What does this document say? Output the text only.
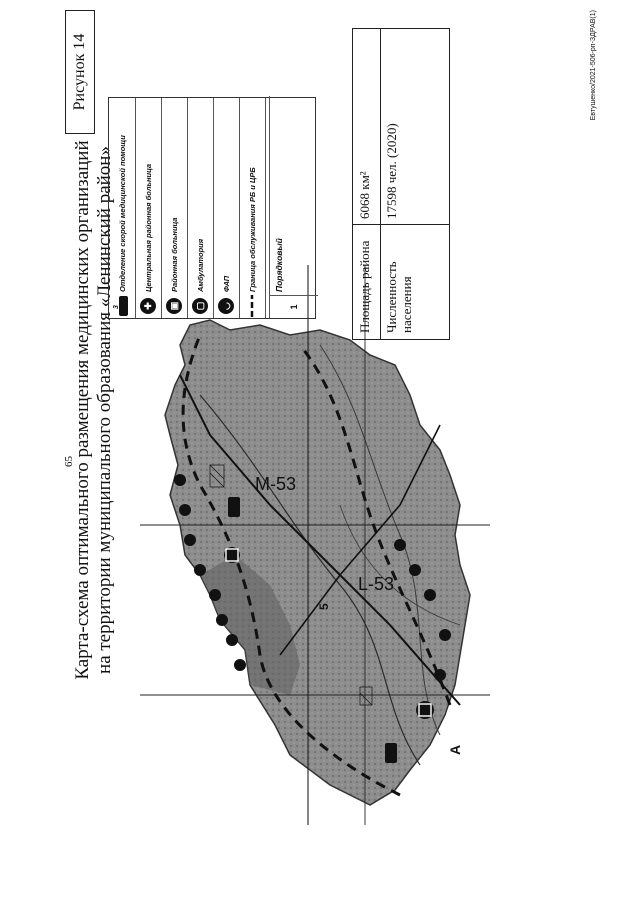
65
Рисунок 14
Карта-схема оптимального размещения медицинских организаций на территории муниципального образования «Ленинский район»	M-53
L-53
5
А
3
Отделение скорой медицинской помощи
✚
Центральная районная больница
▣
Районная больница
▢
Амбулатория
◡
ФАП Граница обслуживания РБ и ЦРБ
1
Порядковый	Площадь района
6068 км²
Численность населения
17598 чел. (2020)
Евтушенко/2021-506-рп-ЗДРАВ(1)
